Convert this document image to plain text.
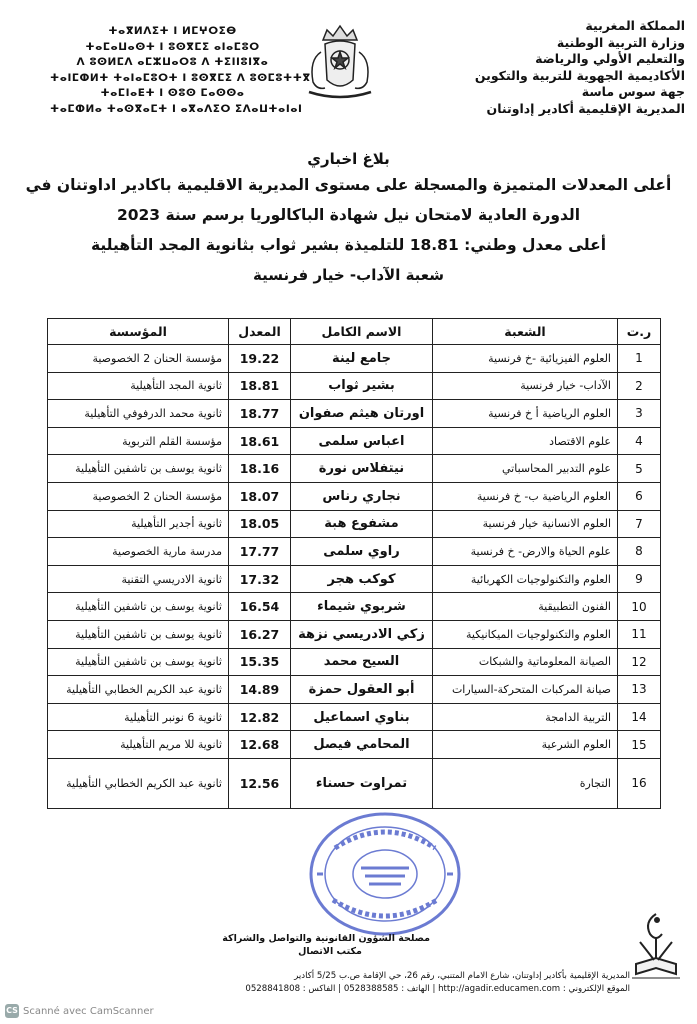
المملكة المغربية
وزارة التربية الوطنية
والتعليم الأولي والرياضة
الأكاديمية الجهوية للتربية والتكوين
جهة سوس ماسة
المديرية الإقليمية أكادير إداوتنان
ⵜⴰⴳⵍⴷⵉⵜ ⵏ ⵍⵎⵖⵔⵉⴱ
ⵜⴰⵎⴰⵡⴰⵙⵜ ⵏ ⵓⵙⴳⵎⵉ ⴰⵏⴰⵎⵓⵔ
ⴷ ⵓⵙⵍⵎⴷ ⴰⵎⵣⵡⴰⵔⵓ ⴷ ⵜⵉⵏⵏⵓⵏⴳⴰ
ⵜⴰⵏⵎⵀⵍⵜ ⵜⴰⵏⴰⵎⵓⵔⵜ ⵏ ⵓⵙⴳⵎⵉ ⴷ ⵓⵙⵎⵓⵜⵜⴳ
ⵜⴰⵎⵏⴰⴹⵜ ⵏ ⵙⵓⵙ ⵎⴰⵙⵙⴰ
ⵜⴰⵎⵀⵍⴰ ⵜⴰⵙⴳⴰⵎⵜ ⵏ ⴰⴳⴰⴷⵉⵔ ⵉⴷⴰⵡⵜⴰⵏⴰⵏ
بلاغ اخباري
أعلى المعدلات المتميزة والمسجلة على مستوى المديرية الاقليمية باكادير اداوتنان في
الدورة العادية لامتحان نيل شهادة الباكالوريا برسم سنة 2023
أعلى معدل وطني: 18.81 للتلميذة بشير ثواب بثانوية المجد التأهيلية
شعبة الآداب- خيار فرنسية
ر.ت	الشعبة	الاسم الكامل	المعدل	المؤسسة
1	العلوم الفيزيائية -خ فرنسية	جامع لينة	19.22	مؤسسة الحنان 2 الخصوصية
2	الآداب- خيار فرنسية	بشير ثواب	18.81	ثانوية المجد التأهيلية
3	العلوم الرياضية أ خ فرنسية	اورتان هيثم صفوان	18.77	ثانوية محمد الدرفوفي التأهيلية
4	علوم الاقتصاد	اعباس سلمى	18.61	مؤسسة القلم التربوية
5	علوم التدبير المحاسباتي	نيتفلاس نورة	18.16	ثانوية يوسف بن تاشفين التأهيلية
6	العلوم الرياضية ب- خ فرنسية	نجاري رناس	18.07	مؤسسة الحنان 2 الخصوصية
7	العلوم الانسانية خيار فرنسية	مشفوع هبة	18.05	ثانوية أجدير التأهيلية
8	علوم الحياة والارض- خ فرنسية	راوي سلمى	17.77	مدرسة مارية الخصوصية
9	العلوم والتكنولوجيات الكهربائية	كوكب هجر	17.32	ثانوية الادريسي التقنية
10	الفنون التطبيقية	شربوي شيماء	16.54	ثانوية يوسف بن تاشفين التأهيلية
11	العلوم والتكنولوجيات الميكانيكية	زكي الادريسي نزهة	16.27	ثانوية يوسف بن تاشفين التأهيلية
12	الصيانة المعلوماتية والشبكات	السيح محمد	15.35	ثانوية يوسف بن تاشفين التأهيلية
13	صيانة المركبات المتحركة-السيارات	أبو العقول حمزة	14.89	ثانوية عبد الكريم الخطابي التأهيلية
14	التربية الدامجة	بناوي اسماعيل	12.82	ثانوية 6 نونبر التأهيلية
15	العلوم الشرعية	المحامي فيصل	12.68	ثانوية للا مريم التأهيلية
16	التجارة	تمراوت حسناء	12.56	ثانوية عبد الكريم الخطابي التأهيلية
مصلحة الشؤون القانونية والتواصل والشراكة
مكتب الاتصال
المديرية الإقليمية بأكادير إداوتنان، شارع الامام المتنبي، رقم 26، حي الإقامة ص.ب 5/25 أكادير
الموقع الإلكتروني : http://agadir.educamen.com | الهاتف : 0528388585 | الفاكس : 0528841808
CS Scanné avec CamScanner
